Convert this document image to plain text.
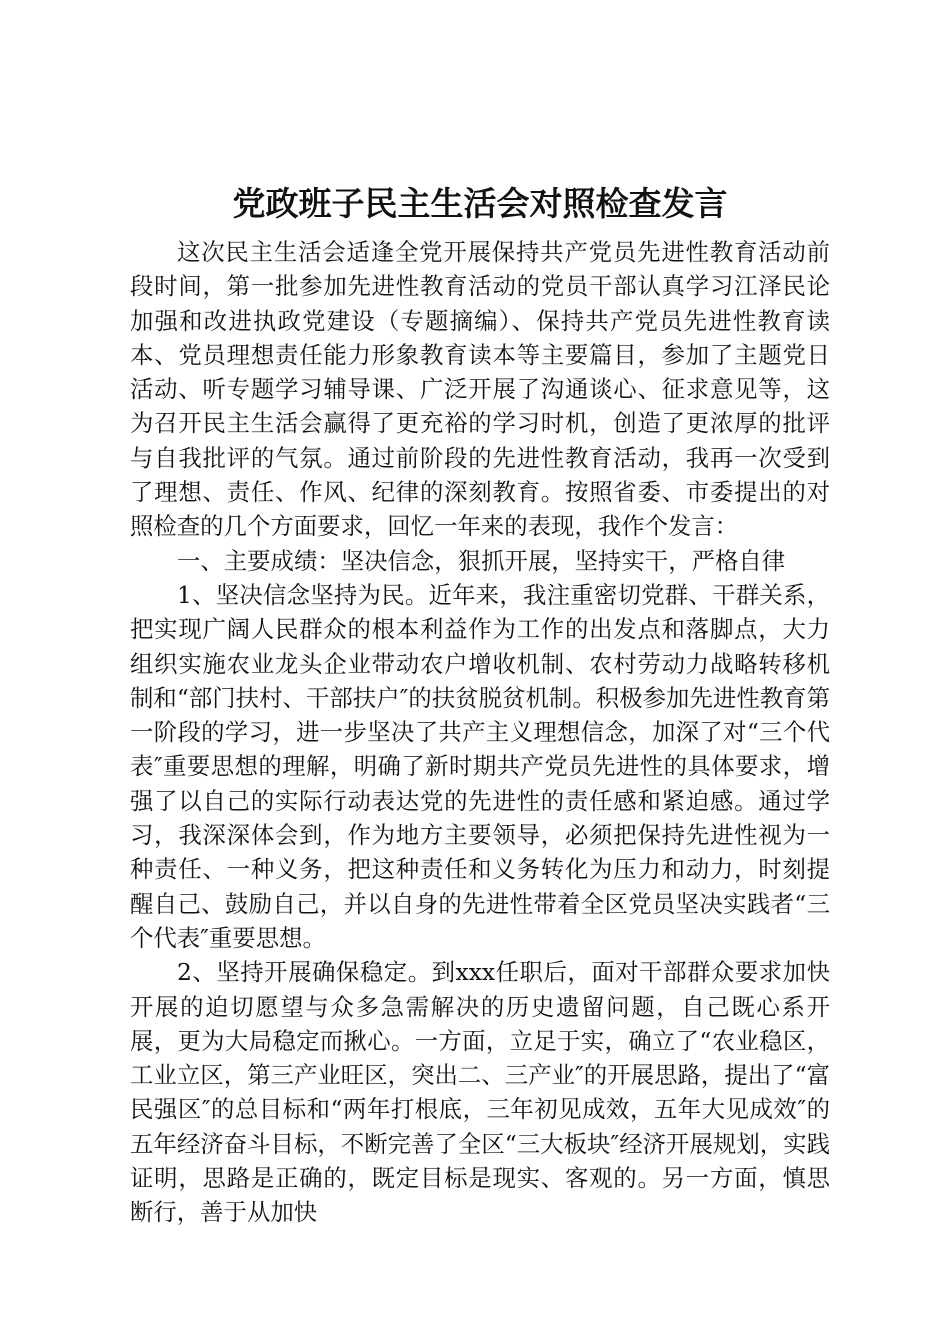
党政班子民主生活会对照检查发言

这次民主生活会适逢全党开展保持共产党员先进性教育活动前段时间，第一批参加先进性教育活动的党员干部认真学习江泽民论加强和改进执政党建设（专题摘编）、保持共产党员先进性教育读本、党员理想责任能力形象教育读本等主要篇目，参加了主题党日活动、听专题学习辅导课、广泛开展了沟通谈心、征求意见等，这为召开民主生活会赢得了更充裕的学习时机，创造了更浓厚的批评与自我批评的气氛。通过前阶段的先进性教育活动，我再一次受到了理想、责任、作风、纪律的深刻教育。按照省委、市委提出的对照检查的几个方面要求，回忆一年来的表现，我作个发言：

一、主要成绩：坚决信念，狠抓开展，坚持实干，严格自律

1、坚决信念坚持为民。近年来，我注重密切党群、干群关系，把实现广阔人民群众的根本利益作为工作的出发点和落脚点，大力组织实施农业龙头企业带动农户增收机制、农村劳动力战略转移机制和“部门扶村、干部扶户″的扶贫脱贫机制。积极参加先进性教育第一阶段的学习，进一步坚决了共产主义理想信念，加深了对“三个代表″重要思想的理解，明确了新时期共产党员先进性的具体要求，增强了以自己的实际行动表达党的先进性的责任感和紧迫感。通过学习，我深深体会到，作为地方主要领导，必须把保持先进性视为一种责任、一种义务，把这种责任和义务转化为压力和动力，时刻提醒自己、鼓励自己，并以自身的先进性带着全区党员坚决实践者“三个代表″重要思想。

2、坚持开展确保稳定。到xxx任职后，面对干部群众要求加快开展的迫切愿望与众多急需解决的历史遗留问题，自己既心系开展，更为大局稳定而揪心。一方面，立足于实，确立了“农业稳区，工业立区，第三产业旺区，突出二、三产业″的开展思路，提出了“富民强区″的总目标和“两年打根底，三年初见成效，五年大见成效″的五年经济奋斗目标，不断完善了全区“三大板块″经济开展规划，实践证明，思路是正确的，既定目标是现实、客观的。另一方面，慎思断行，善于从加快
